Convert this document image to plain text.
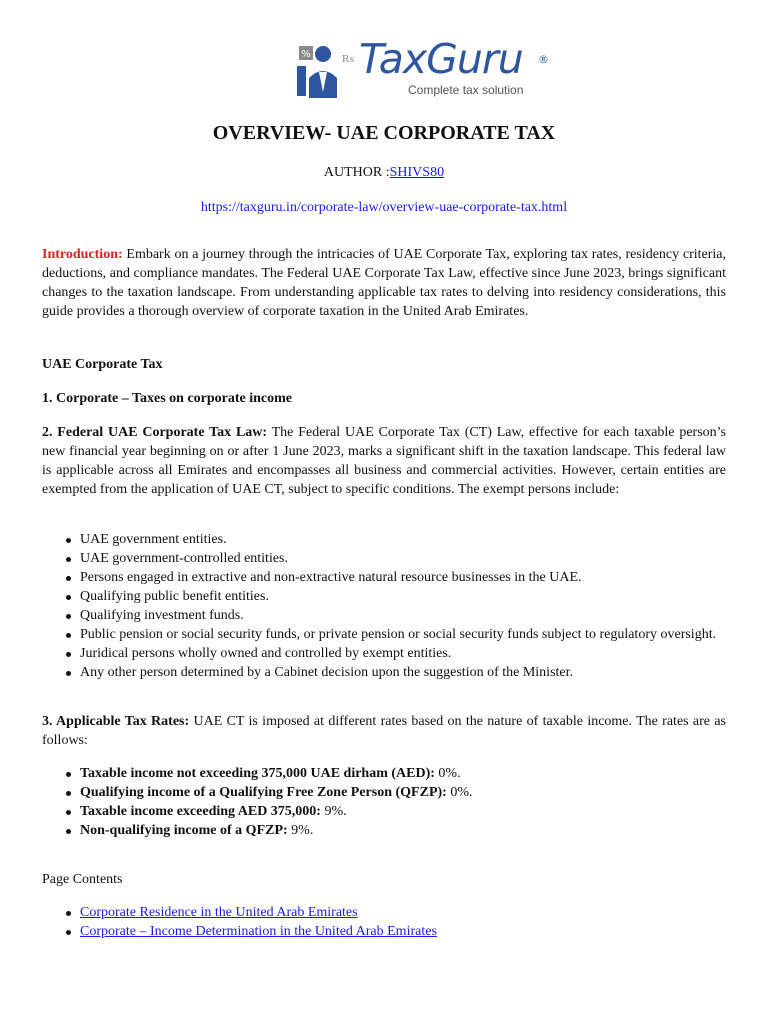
%	₨ TaxGuru ®
Complete tax solution
OVERVIEW- UAE CORPORATE TAX
AUTHOR :SHIVS80
https://taxguru.in/corporate-law/overview-uae-corporate-tax.html

Introduction: Embark on a journey through the intricacies of UAE Corporate Tax, exploring tax rates, residency criteria, deductions, and compliance mandates. The Federal UAE Corporate Tax Law, effective since June 2023, brings significant changes to the taxation landscape. From understanding applicable tax rates to delving into residency considerations, this guide provides a thorough overview of corporate taxation in the United Arab Emirates.

UAE Corporate Tax

1. Corporate – Taxes on corporate income

2. Federal UAE Corporate Tax Law: The Federal UAE Corporate Tax (CT) Law, effective for each taxable person’s new financial year beginning on or after 1 June 2023, marks a significant shift in the taxation landscape. This federal law is applicable across all Emirates and encompasses all business and commercial activities. However, certain entities are exempted from the application of UAE CT, subject to specific conditions. The exempt persons include:

UAE government entities.
UAE government-controlled entities.
Persons engaged in extractive and non-extractive natural resource businesses in the UAE.
Qualifying public benefit entities.
Qualifying investment funds.
Public pension or social security funds, or private pension or social security funds subject to regulatory oversight.
Juridical persons wholly owned and controlled by exempt entities.
Any other person determined by a Cabinet decision upon the suggestion of the Minister.

3. Applicable Tax Rates: UAE CT is imposed at different rates based on the nature of taxable income. The rates are as follows:

Taxable income not exceeding 375,000 UAE dirham (AED): 0%.
Qualifying income of a Qualifying Free Zone Person (QFZP): 0%.
Taxable income exceeding AED 375,000: 9%.
Non-qualifying income of a QFZP: 9%.

Page Contents

Corporate Residence in the United Arab Emirates
Corporate – Income Determination in the United Arab Emirates
